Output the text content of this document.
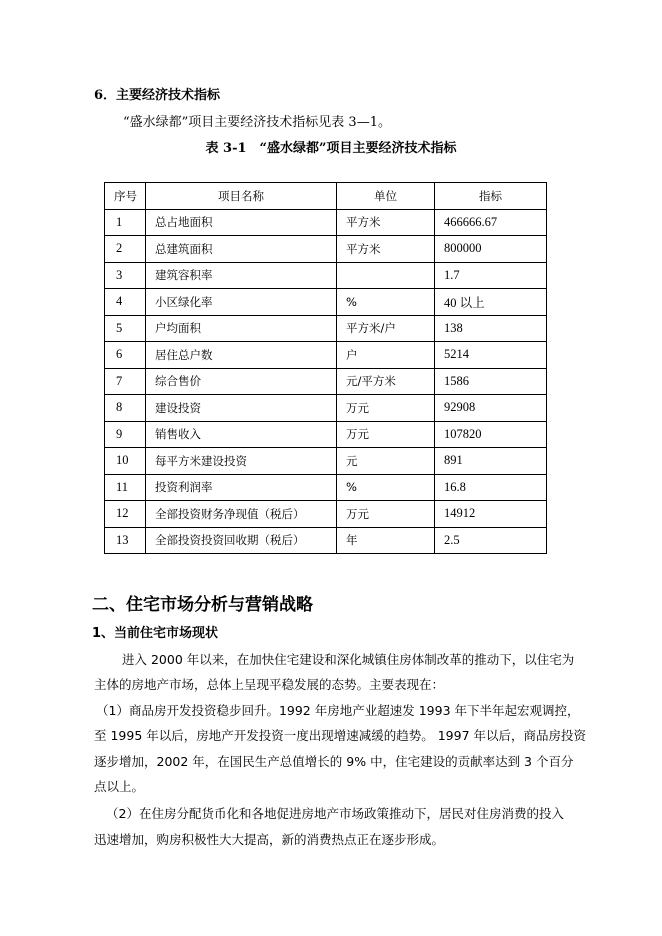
6．主要经济技术指标
“盛水绿都”项目主要经济技术指标见表 3—1。
表 3-1　“盛水绿都”项目主要经济技术指标
序号	项目名称	单位	指标
1	总占地面积	平方米	466666.67
2	总建筑面积	平方米	800000
3	建筑容积率		1.7
4	小区绿化率	%	40 以上
5	户均面积	平方米/户	138
6	居住总户数	户	5214
7	综合售价	元/平方米	1586
8	建设投资	万元	92908
9	销售收入	万元	107820
10	每平方米建设投资	元	891
11	投资利润率	%	16.8
12	全部投资财务净现值（税后）	万元	14912
13	全部投资投资回收期（税后）	年	2.5
二、住宅市场分析与营销战略
1、当前住宅市场现状
进入 2000 年以来，在加快住宅建设和深化城镇住房体制改革的推动下，以住宅为
主体的房地产市场，总体上呈现平稳发展的态势。主要表现在：
（1）商品房开发投资稳步回升。1992 年房地产业超速发 1993 年下半年起宏观调控，
至 1995 年以后，房地产开发投资一度出现增速减缓的趋势。 1997 年以后，商品房投资
逐步增加，2002 年，在国民生产总值增长的 9% 中，住宅建设的贡献率达到 3 个百分
点以上。
（2）在住房分配货币化和各地促进房地产市场政策推动下，居民对住房消费的投入
迅速增加，购房积极性大大提高，新的消费热点正在逐步形成。
